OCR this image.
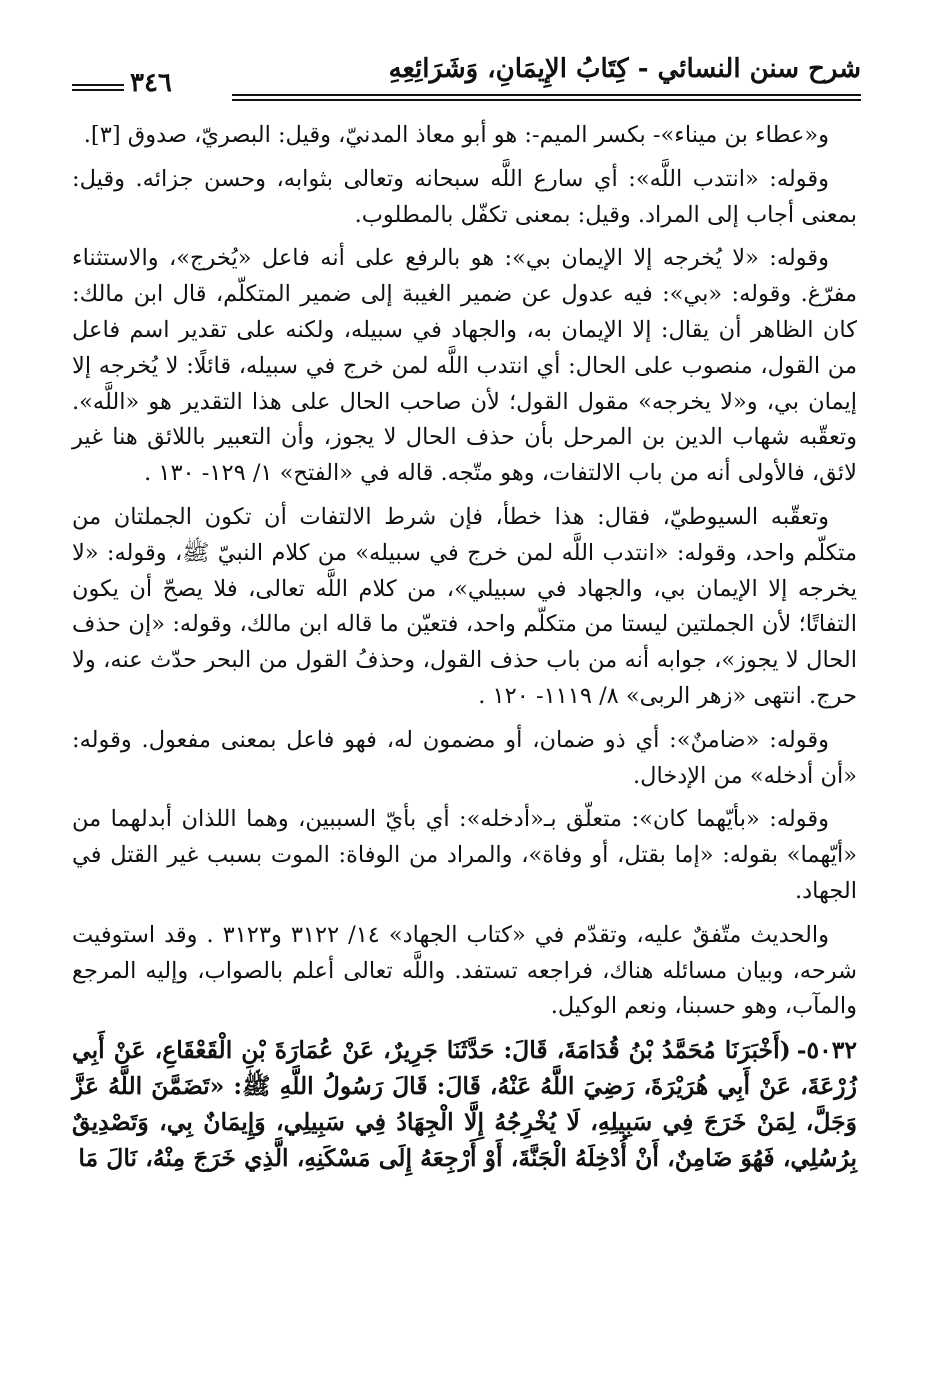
شرح سنن النسائي - كِتَابُ الإِيمَانِ، وَشَرَائِعِهِ
٣٤٦

و«عطاء بن ميناء»- بكسر الميم-: هو أبو معاذ المدنيّ، وقيل: البصريّ، صدوق [٣].

وقوله: «انتدب اللَّه»: أي سارع اللَّه سبحانه وتعالى بثوابه، وحسن جزائه. وقيل: بمعنى أجاب إلى المراد. وقيل: بمعنى تكفّل بالمطلوب.

وقوله: «لا يُخرجه إلا الإيمان بي»: هو بالرفع على أنه فاعل «يُخرج»، والاستثناء مفرّغ. وقوله: «بي»: فيه عدول عن ضمير الغيبة إلى ضمير المتكلّم، قال ابن مالك: كان الظاهر أن يقال: إلا الإيمان به، والجهاد في سبيله، ولكنه على تقدير اسم فاعل من القول، منصوب على الحال: أي انتدب اللَّه لمن خرج في سبيله، قائلًا: لا يُخرجه إلا إيمان بي، و«لا يخرجه» مقول القول؛ لأن صاحب الحال على هذا التقدير هو «اللَّه». وتعقّبه شهاب الدين بن المرحل بأن حذف الحال لا يجوز، وأن التعبير باللائق هنا غير لائق، فالأولى أنه من باب الالتفات، وهو متّجه. قاله في «الفتح» ١/ ١٢٩- ١٣٠ .

وتعقّبه السيوطيّ، فقال: هذا خطأ، فإن شرط الالتفات أن تكون الجملتان من متكلّم واحد، وقوله: «انتدب اللَّه لمن خرج في سبيله» من كلام النبيّ ﷺ، وقوله: «لا يخرجه إلا الإيمان بي، والجهاد في سبيلي»، من كلام اللَّه تعالى، فلا يصحّ أن يكون التفاتًا؛ لأن الجملتين ليستا من متكلّم واحد، فتعيّن ما قاله ابن مالك، وقوله: «إن حذف الحال لا يجوز»، جوابه أنه من باب حذف القول، وحذفُ القول من البحر حدّث عنه، ولا حرج. انتهى «زهر الربى» ٨/ ١١١٩- ١٢٠ .

وقوله: «ضامنٌ»: أي ذو ضمان، أو مضمون له، فهو فاعل بمعنى مفعول. وقوله: «أن أدخله» من الإدخال.

وقوله: «بأيّهما كان»: متعلّق بـ«أدخله»: أي بأيّ السببين، وهما اللذان أبدلهما من «أيّهما» بقوله: «إما بقتل، أو وفاة»، والمراد من الوفاة: الموت بسبب غير القتل في الجهاد.

والحديث متّفقٌ عليه، وتقدّم في «كتاب الجهاد» ١٤/ ٣١٢٢ و٣١٢٣ . وقد استوفيت شرحه، وبيان مسائله هناك، فراجعه تستفد. واللَّه تعالى أعلم بالصواب، وإليه المرجع والمآب، وهو حسبنا، ونعم الوكيل.

٥٠٣٢-(أَخْبَرَنَا مُحَمَّدُ بْنُ قُدَامَةَ، قَالَ: حَدَّثَنَا جَرِيرٌ، عَنْ عُمَارَةَ بْنِ الْقَعْقَاعِ، عَنْ أَبِي زُرْعَةَ، عَنْ أَبِي هُرَيْرَةَ، رَضِيَ اللَّهُ عَنْهُ، قَالَ: قَالَ رَسُولُ اللَّهِ ﷺ: «تَضَمَّنَ اللَّهُ عَزَّ وَجَلَّ، لِمَنْ خَرَجَ فِي سَبِيلِهِ، لَا يُخْرِجُهُ إِلَّا الْجِهَادُ فِي سَبِيلِي، وَإِيمَانٌ بِي، وَتَصْدِيقٌ بِرُسُلِي، فَهُوَ ضَامِنٌ، أَنْ أُدْخِلَهُ الْجَنَّةَ، أَوْ أَرْجِعَهُ إِلَى مَسْكَنِهِ، الَّذِي خَرَجَ مِنْهُ، نَالَ مَا
